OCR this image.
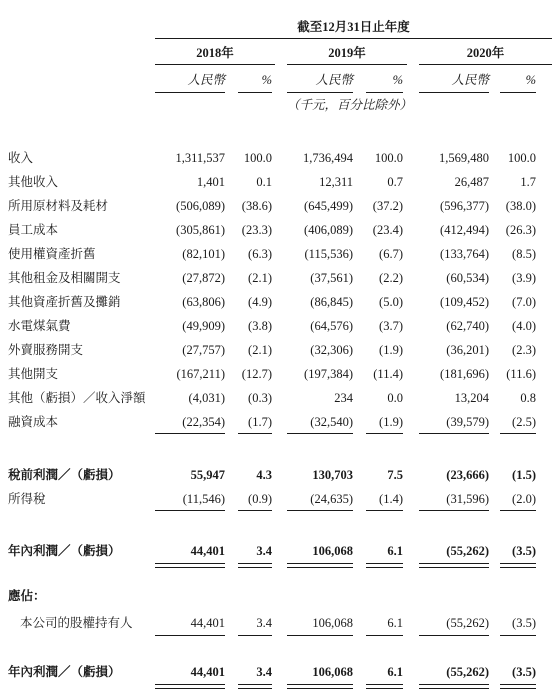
截至12月31日止年度
2018年	2019年	2020年
人民幣	%	人民幣	%	人民幣	%
（千元，百分比除外）
收入	1,311,537	100.0	1,736,494	100.0	1,569,480	100.0
其他收入	1,401	0.1	12,311	0.7	26,487	1.7
所用原材料及耗材	(506,089)	(38.6)	(645,499)	(37.2)	(596,377)	(38.0)
員工成本	(305,861)	(23.3)	(406,089)	(23.4)	(412,494)	(26.3)
使用權資產折舊	(82,101)	(6.3)	(115,536)	(6.7)	(133,764)	(8.5)
其他租金及相關開支	(27,872)	(2.1)	(37,561)	(2.2)	(60,534)	(3.9)
其他資產折舊及攤銷	(63,806)	(4.9)	(86,845)	(5.0)	(109,452)	(7.0)
水電煤氣費	(49,909)	(3.8)	(64,576)	(3.7)	(62,740)	(4.0)
外賣服務開支	(27,757)	(2.1)	(32,306)	(1.9)	(36,201)	(2.3)
其他開支	(167,211)	(12.7)	(197,384)	(11.4)	(181,696)	(11.6)
其他（虧損）／收入淨額	(4,031)	(0.3)	234	0.0	13,204	0.8
融資成本	(22,354)	(1.7)	(32,540)	(1.9)	(39,579)	(2.5)
稅前利潤／（虧損）	55,947	4.3	130,703	7.5	(23,666)	(1.5)
所得稅	(11,546)	(0.9)	(24,635)	(1.4)	(31,596)	(2.0)
年內利潤／（虧損）	44,401	3.4	106,068	6.1	(55,262)	(3.5)
應佔：
本公司的股權持有人	44,401	3.4	106,068	6.1	(55,262)	(3.5)
年內利潤／（虧損）	44,401	3.4	106,068	6.1	(55,262)	(3.5)
